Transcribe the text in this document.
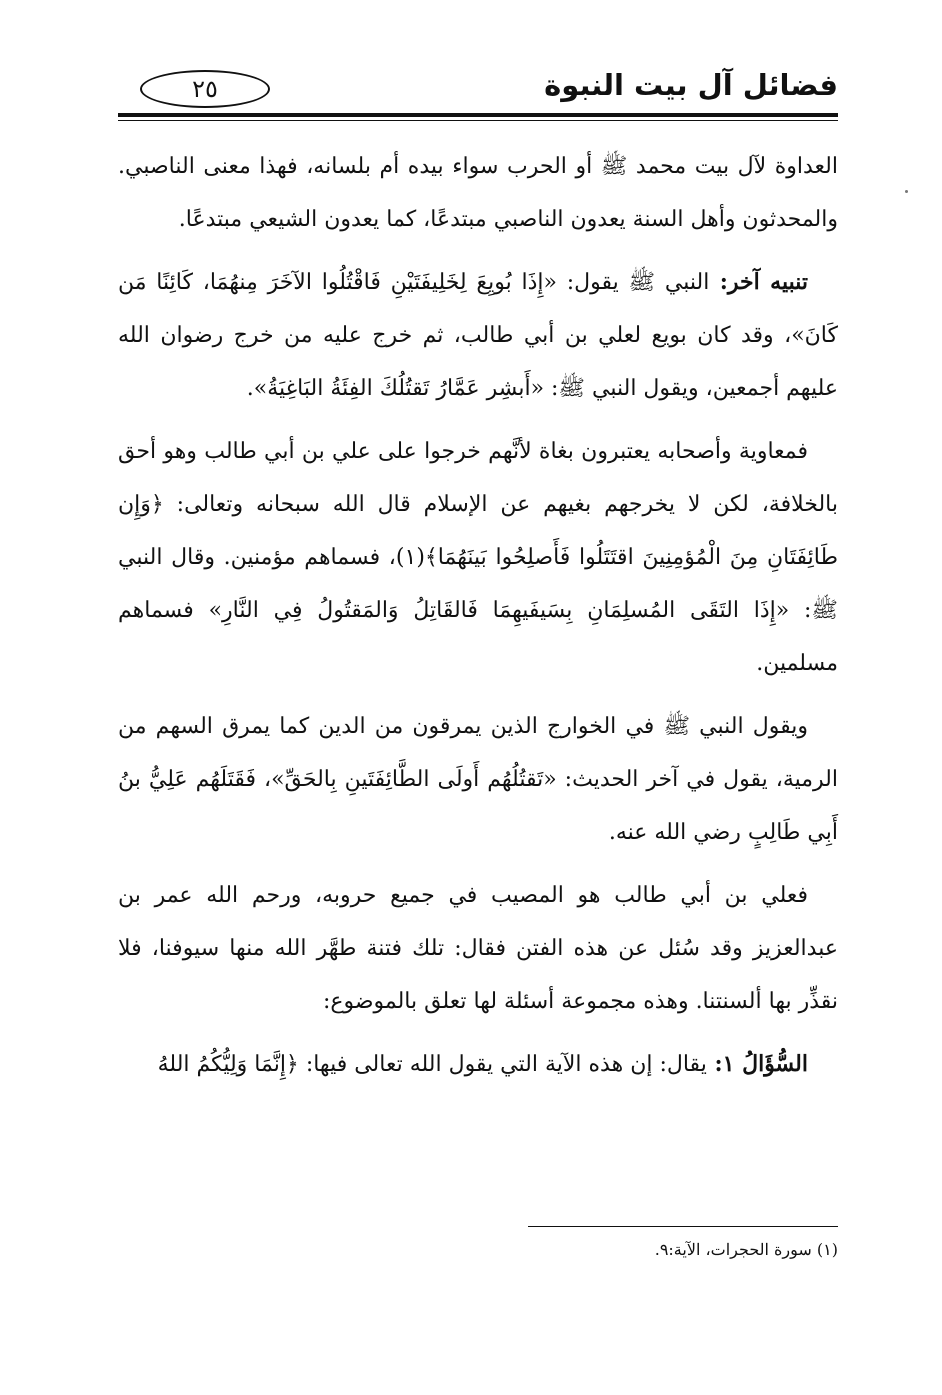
فضائل آل بيت النبوة
٢٥

العداوة لآل بيت محمد ﷺ أو الحرب سواء بيده أم بلسانه، فهذا معنى الناصبي. والمحدثون وأهل السنة يعدون الناصبي مبتدعًا، كما يعدون الشيعي مبتدعًا.

تنبيه آخر: النبي ﷺ يقول: «إِذَا بُويِعَ لِخَلِيفَتَيْنِ فَاقْتُلُوا الآخَرَ مِنهُمَا، كَائِنًا مَن كَانَ»، وقد كان بويع لعلي بن أبي طالب، ثم خرج عليه من خرج رضوان الله عليهم أجمعين، ويقول النبي ﷺ: «أَبشِر عَمَّارُ تَقتُلُكَ الفِئَةُ البَاغِيَةُ».

فمعاوية وأصحابه يعتبرون بغاة لأنَّهم خرجوا على علي بن أبي طالب وهو أحق بالخلافة، لكن لا يخرجهم بغيهم عن الإسلام قال الله سبحانه وتعالى: ﴿وَإِن طَائِفَتَانِ مِنَ الْمُؤمِنِينَ اقتَتَلُوا فَأَصلِحُوا بَينَهُمَا﴾(١)، فسماهم مؤمنين. وقال النبي ﷺ: «إِذَا التَقَى المُسلِمَانِ بِسَيفَيهِمَا فَالقَاتِلُ وَالمَقتُولُ فِي النَّارِ» فسماهم مسلمين.

ويقول النبي ﷺ في الخوارج الذين يمرقون من الدين كما يمرق السهم من الرمية، يقول في آخر الحديث: «تَقتُلُهُم أَولَى الطَّائِفَتَينِ بِالحَقِّ»، فَقَتَلَهُم عَلِيُّ بنُ أَبِي طَالِبٍ رضي الله عنه.

فعلي بن أبي طالب هو المصيب في جميع حروبه، ورحم الله عمر بن عبدالعزيز وقد سُئل عن هذه الفتن فقال: تلك فتنة طهَّر الله منها سيوفنا، فلا نقذِّر بها ألسنتنا. وهذه مجموعة أسئلة لها تعلق بالموضوع:

السُّؤَالُ ١: يقال: إن هذه الآية التي يقول الله تعالى فيها: ﴿إِنَّمَا وَلِيُّكُمُ اللهُ

(١) سورة الحجرات، الآية:٩.
